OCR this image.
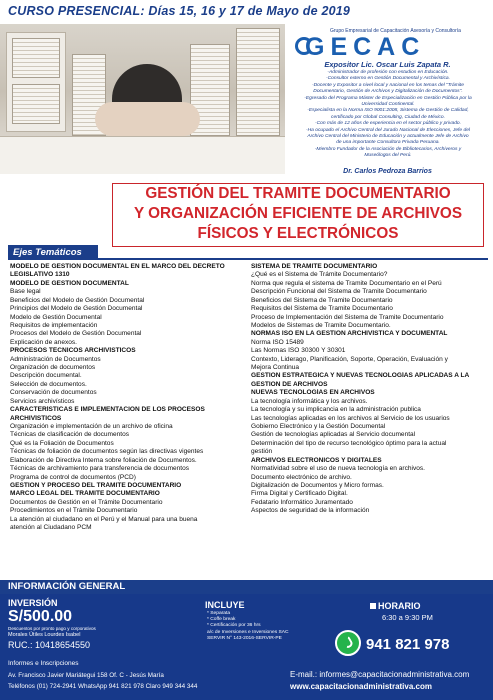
CURSO PRESENCIAL: Días 15, 16 y 17 de Mayo de 2019
Grupo Empresarial de Capacitación Asesoría y Consultoría
GECAC
Expositor Lic. Oscar Luis Zapata R.
-Administrador de profesión con estudios en Educación.
-Consultor externo en Gestión Documental y Archivística.
-Docente y Expositor a nivel local y nacional en los temas del "Trámite
Documentario, Gestión de Archivos y Digitalización de Documentos".
-Egresado del Programa Máster de Especialización en Gestión Pública por la
Universidad Continental.
-Especialista en la Norma ISO 9001:2008, Sistema de Gestión de Calidad,
certificado por Global Consulting, Ciudad de México.
-Con más de 12 años de experiencia en el sector público y privado.
-Ha ocupado el Archivo Central del Jurado Nacional de Elecciones, Jefe del
Archivo Central del Ministerio de Educación y actualmente Jefe de Archivo
de una importante Consultora Privada Peruana.
-Miembro Fundador de la Asociación de Bibliotecarios, Archiveros y
Museólogos del Perú.
Dr. Carlos Pedroza Barrios
GESTIÓN DEL TRAMITE DOCUMENTARIO
Y ORGANIZACIÓN EFICIENTE DE ARCHIVOS
FÍSICOS Y ELECTRÓNICOS
Ejes Temáticos
MODELO DE GESTIÓN DOCUMENTAL EN EL MARCO DEL DECRETO
LEGISLATIVO 1310
MODELO DE GESTIÓN DOCUMENTAL
Base legal
Beneficios del Modelo de Gestión Documental
Principios del Modelo de Gestión Documental
Modelo de Gestión Documental
Requisitos de implementación
Procesos del Modelo de Gestión Documental
Explicación de anexos.
PROCESOS TÉCNICOS ARCHIVÍSTICOS
Administración de Documentos
Organización de documentos
Descripción documental.
Selección de documentos.
Conservación de documentos
Servicios archivísticos
CARACTERÍSTICAS E IMPLEMENTACIÓN DE LOS PROCESOS
ARCHIVÍSTICOS
Organización e implementación de un archivo de oficina
Técnicas de clasificación de documentos
Qué es la Foliación de Documentos
Técnicas de foliación de documentos según las directivas vigentes
Elaboración de Directiva Interna sobre foliación de Documentos.
Técnicas de archivamiento para transferencia de documentos
Programa de control de documentos (PCD)
GESTIÓN Y PROCESO DEL TRÁMITE DOCUMENTARIO
MARCO LEGAL DEL TRÁMITE DOCUMENTARIO
Documentos de Gestión en el Trámite Documentario
Procedimientos en el Trámite Documentario
La atención al ciudadano en el Perú y el Manual para una buena
atención al Ciudadano PCM
SISTEMA DE TRÁMITE DOCUMENTARIO
¿Qué es el Sistema de Trámite Documentario?
Norma que regula el sistema de Tramite Documentario en el Perú
Descripción Funcional del Sistema de Tramite Documentario
Beneficios del Sistema de Tramite Documentario
Requisitos del Sistema de Tramite Documentario
Proceso de Implementación del Sistema de Tramite Documentario
Modelos de Sistemas de Tramite Documentario.
NORMAS ISO EN LA GESTIÓN ARCHIVÍSTICA Y DOCUMENTAL
Norma ISO 15489
Las Normas ISO 30300 Y 30301
Contexto, Liderago, Planificación, Soporte, Operación, Evaluación y
Mejora Continua
GESTIÓN ESTRATÉGICA Y NUEVAS TECNOLOGÍAS APLICADAS A LA
GESTIÓN DE ARCHIVOS
NUEVAS TECNOLOGÍAS EN ARCHIVOS
La tecnología informática y los archivos.
La tecnología y su implicancia en la administración publica
Las tecnologías aplicadas en los archivos al Servicio de los usuarios
Gobierno Electrónico y la Gestión Documental
Gestión de tecnologías aplicadas al Servicio documental
Determinación del tipo de recurso tecnológico óptimo para la actual
gestión
ARCHIVOS ELECTRÓNICOS Y DIGITALES
Normatividad sobre el uso de nueva tecnología en archivos.
Documento electrónico de archivo.
Digitalización de Documentos y Micro formas.
Firma Digital y Certificado Digital.
Fedatario Informático Juramentado
Aspectos de seguridad de la información
INFORMACIÓN GENERAL
INVERSIÓN
S/500.00
Descuentos por pronto pago y corporativos
Morales Útiles Lourdes Isabel
RUC.: 10418654550
INCLUYE
* Separata
* Coffe break
* Certificación por 36 hrs
a/c de Inversiones e Inversiones SAC
SERVIR N° 143-2016-SERVIR-PE
HORARIO
6:30 a 9:30 PM
941 821 978
Informes e Inscripciones
Av. Francisco Javier Mariátegui 158 Of. C - Jesús María
Teléfonos (01) 724-2941 WhatsApp 941 821 978 Claro 949 344 344
E-mail.: informes@capacitacionadministrativa.com
www.capacitacionadministrativa.com
